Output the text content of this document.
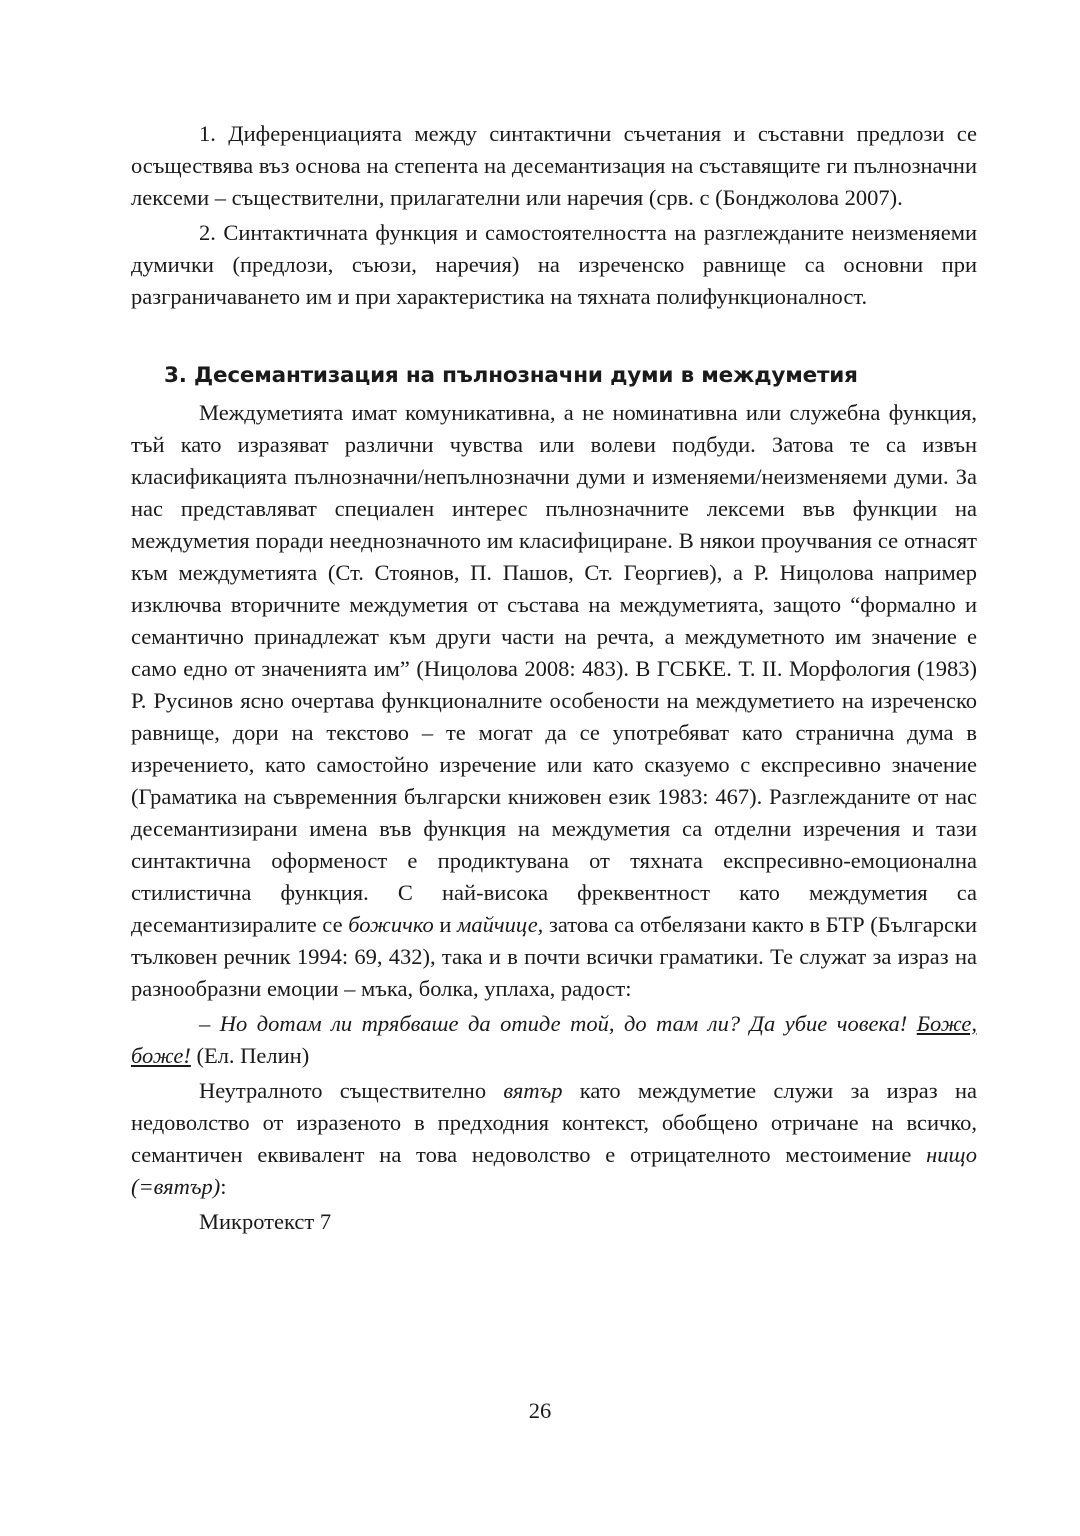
1. Диференциацията между синтактични съчетания и съставни предлози се осъществява въз основа на степента на десемантизация на съставящите ги пълнозначни лексеми – съществителни, прилагателни или наречия (срв. с (Бонджолова 2007).

2. Синтактичната функция и самостоятелността на разглежданите неизменяеми думички (предлози, съюзи, наречия) на изреченско равнище са основни при разграничаването им и при характеристика на тяхната полифункционалност.

3. Десемантизация на пълнозначни думи в междуметия

Междуметията имат комуникативна, а не номинативна или служебна функция, тъй като изразяват различни чувства или волеви подбуди. Затова те са извън класификацията пълнозначни/непълнозначни думи и изменяеми/неизменяеми думи. За нас представляват специален интерес пълнозначните лексеми във функции на междуметия поради нееднозначното им класифициране. В някои проучвания се отнасят към междуметията (Ст. Стоянов, П. Пашов, Ст. Георгиев), а Р. Ницолова например изключва вторичните междуметия от състава на междуметията, защото “формално и семантично принадлежат към други части на речта, а междуметното им значение е само едно от значенията им” (Ницолова 2008: 483). В ГСБКЕ. Т. II. Морфология (1983) Р. Русинов ясно очертава функционалните особености на междуметието на изреченско равнище, дори на текстово – те могат да се употребяват като странична дума в изречението, като самостойно изречение или като сказуемо с експресивно значение (Граматика на съвременния български книжовен език 1983: 467). Разглежданите от нас десемантизирани имена във функция на междуметия са отделни изречения и тази синтактична оформеност е продиктувана от тяхната експресивно-емоционална стилистична функция. С най-висока фреквентност като междуметия са десемантизиралите се божичко и майчице, затова са отбелязани както в БТР (Български тълковен речник 1994: 69, 432), така и в почти всички граматики. Те служат за израз на разнообразни емоции – мъка, болка, уплаха, радост:

– Но дотам ли трябваше да отиде той, до там ли? Да убие човека! Боже, боже! (Ел. Пелин)

Неутралното съществително вятър като междуметие служи за израз на недоволство от изразеното в предходния контекст, обобщено отричане на всичко, семантичен еквивалент на това недоволство е отрицателното местоимение нищо (=вятър):

Микротекст 7

26
